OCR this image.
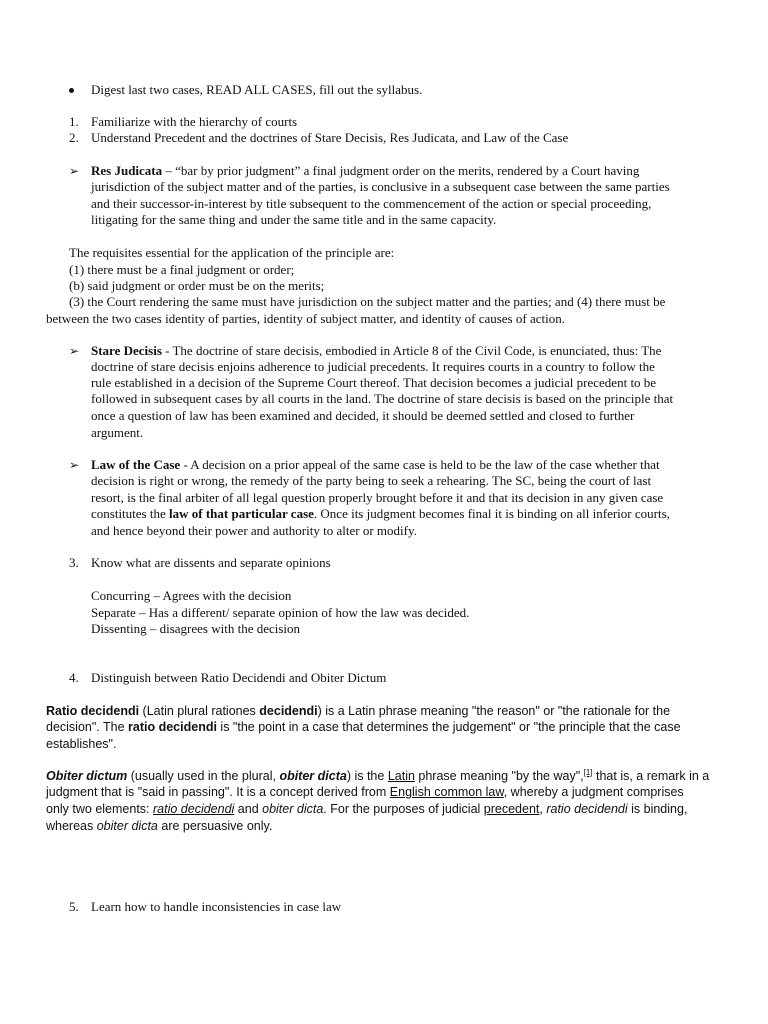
Digest last two cases, READ ALL CASES, fill out the syllabus.
1. Familiarize with the hierarchy of courts
2. Understand Precedent and the doctrines of Stare Decisis, Res Judicata, and Law of the Case
➢ Res Judicata – “bar by prior judgment” a final judgment order on the merits, rendered by a Court having
jurisdiction of the subject matter and of the parties, is conclusive in a subsequent case between the same parties
and their successor-in-interest by title subsequent to the commencement of the action or special proceeding,
litigating for the same thing and under the same title and in the same capacity.
The requisites essential for the application of the principle are:
(1) there must be a final judgment or order;
(b) said judgment or order must be on the merits;
(3) the Court rendering the same must have jurisdiction on the subject matter and the parties; and (4) there must be
between the two cases identity of parties, identity of subject matter, and identity of causes of action.
➢ Stare Decisis - The doctrine of stare decisis, embodied in Article 8 of the Civil Code, is enunciated, thus: The
doctrine of stare decisis enjoins adherence to judicial precedents. It requires courts in a country to follow the
rule established in a decision of the Supreme Court thereof. That decision becomes a judicial precedent to be
followed in subsequent cases by all courts in the land. The doctrine of stare decisis is based on the principle that
once a question of law has been examined and decided, it should be deemed settled and closed to further
argument.
➢ Law of the Case - A decision on a prior appeal of the same case is held to be the law of the case whether that
decision is right or wrong, the remedy of the party being to seek a rehearing. The SC, being the court of last
resort, is the final arbiter of all legal question properly brought before it and that its decision in any given case
constitutes the law of that particular case. Once its judgment becomes final it is binding on all inferior courts,
and hence beyond their power and authority to alter or modify.
3. Know what are dissents and separate opinions
Concurring – Agrees with the decision
Separate – Has a different/ separate opinion of how the law was decided.
Dissenting – disagrees with the decision
4. Distinguish between Ratio Decidendi and Obiter Dictum
Ratio decidendi (Latin plural rationes decidendi) is a Latin phrase meaning "the reason" or "the rationale for the
decision". The ratio decidendi is "the point in a case that determines the judgement" or "the principle that the case
establishes".
Obiter dictum (usually used in the plural, obiter dicta) is the Latin phrase meaning "by the way",[1] that is, a remark in a
judgment that is "said in passing". It is a concept derived from English common law, whereby a judgment comprises
only two elements: ratio decidendi and obiter dicta. For the purposes of judicial precedent, ratio decidendi is binding,
whereas obiter dicta are persuasive only.
5. Learn how to handle inconsistencies in case law
